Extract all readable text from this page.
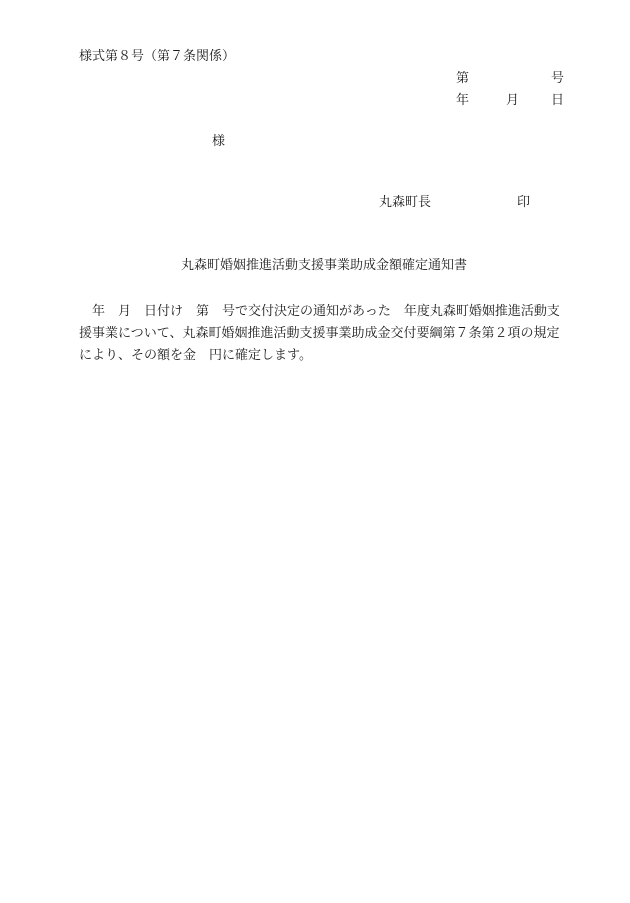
様式第８号（第７条関係）
第	号
年	月 日
様
丸森町長	印
丸森町婚姻推進活動支援事業助成金額確定通知書
　年　月　日付け　第　号で交付決定の通知があった　年度丸森町婚姻推進活動支
援事業について、丸森町婚姻推進活動支援事業助成金交付要綱第７条第２項の規定
により、その額を金　円に確定します。
